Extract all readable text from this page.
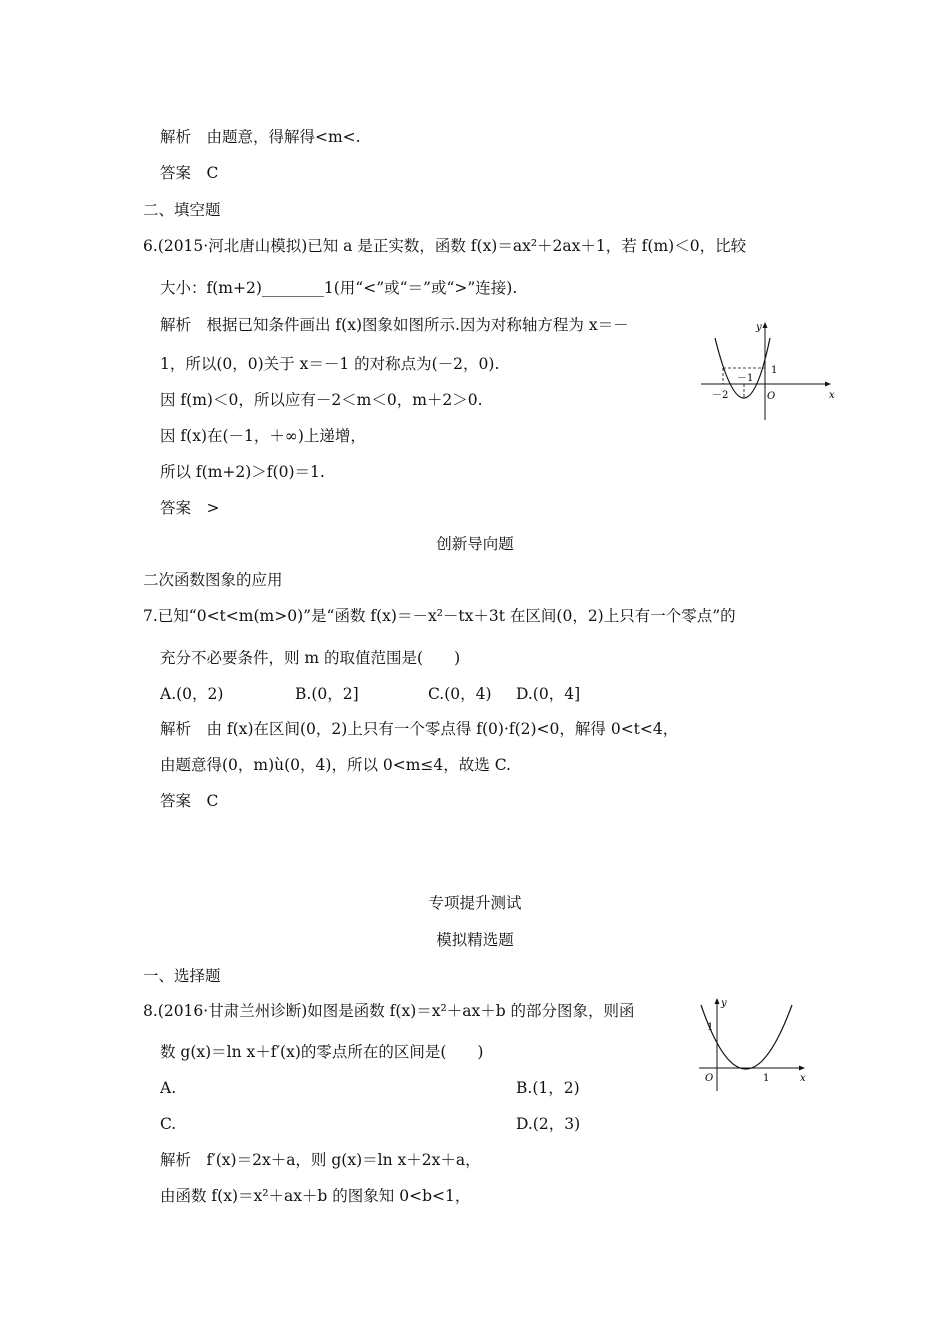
解析　由题意，得解得<m<.
答案　C
二、填空题
6.(2015·河北唐山模拟)已知 a 是正实数，函数 f(x)＝ax²＋2ax＋1，若 f(m)＜0，比较
大小：f(m+2)________1(用“<”或“＝”或“>”连接).
解析　根据已知条件画出 f(x)图象如图所示.因为对称轴方程为 x＝－
1，所以(0，0)关于 x＝－1 的对称点为(－2，0).
因 f(m)＜0，所以应有－2＜m＜0，m＋2＞0.
因 f(x)在(－1，＋∞)上递增，
所以 f(m+2)＞f(0)＝1.
答案　>
y
x
－2
－1
O
1
创新导向题
二次函数图象的应用
7.已知“0<t<m(m>0)”是“函数 f(x)＝－x²－tx＋3t 在区间(0，2)上只有一个零点”的
充分不必要条件，则 m 的取值范围是(　　)
A.(0，2)	B.(0，2]	C.(0，4) D.(0，4]
解析　由 f(x)在区间(0，2)上只有一个零点得 f(0)·f(2)<0，解得 0<t<4，
由题意得(0，m)ù(0，4)，所以 0<m≤4，故选 C.
答案　C
专项提升测试
模拟精选题
一、选择题
8.(2016·甘肃兰州诊断)如图是函数 f(x)＝x²＋ax＋b 的部分图象，则函
数 g(x)＝ln x＋f′(x)的零点所在的区间是(　　)
A.	B.(1，2)
C.	D.(2，3)
解析　f′(x)＝2x＋a，则 g(x)＝ln x＋2x＋a，
由函数 f(x)＝x²＋ax＋b 的图象知 0<b<1，
y
x
O
1
1
